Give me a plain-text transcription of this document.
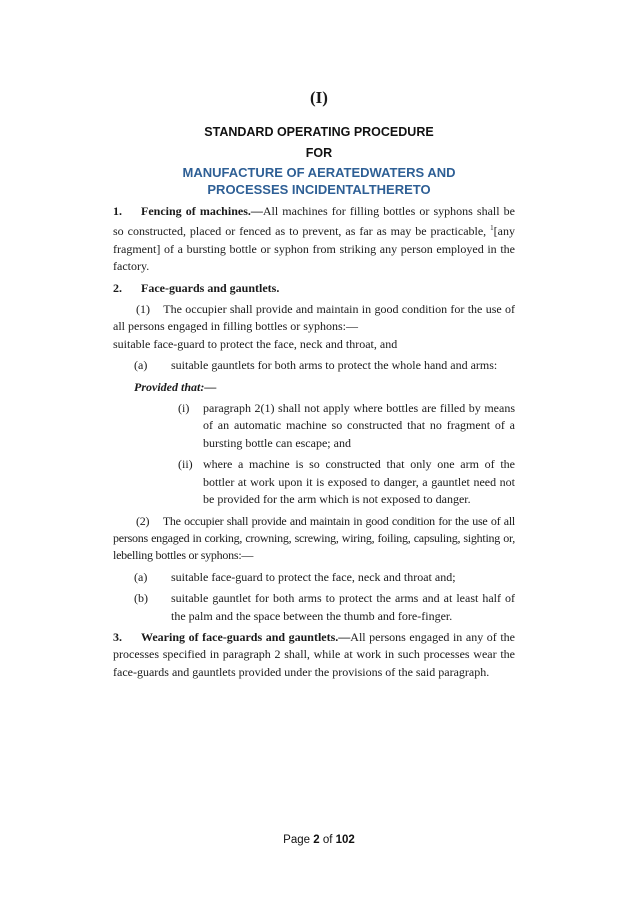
(I)
STANDARD OPERATING PROCEDURE
FOR
MANUFACTURE OF AERATEDWATERS AND
PROCESSES INCIDENTALTHERETO

1. Fencing of machines.—All machines for filling bottles or syphons shall be so constructed, placed or fenced as to prevent, as far as may be practicable, $^1$[any fragment] of a bursting bottle or syphon from striking any person employed in the factory.

2. Face-guards and gauntlets.

(1) The occupier shall provide and maintain in good condition for the use of all persons engaged in filling bottles or syphons:—

suitable face-guard to protect the face, neck and throat, and

(a) suitable gauntlets for both arms to protect the whole hand and arms:

Provided that:—

(i) paragraph 2(1) shall not apply where bottles are filled by means of an automatic machine so constructed that no fragment of a bursting bottle can escape; and

(ii) where a machine is so constructed that only one arm of the bottler at work upon it is exposed to danger, a gauntlet need not be provided for the arm which is not exposed to danger.

(2) The occupier shall provide and maintain in good condition for the use of all persons engaged in corking, crowning, screwing, wiring, foiling, capsuling, sighting or, lebelling bottles or syphons:—

(a) suitable face-guard to protect the face, neck and throat and;

(b) suitable gauntlet for both arms to protect the arms and at least half of the palm and the space between the thumb and fore-finger.

3. Wearing of face-guards and gauntlets.—All persons engaged in any of the processes specified in paragraph 2 shall, while at work in such processes wear the face-guards and gauntlets provided under the provisions of the said paragraph.

Page 2 of 102
